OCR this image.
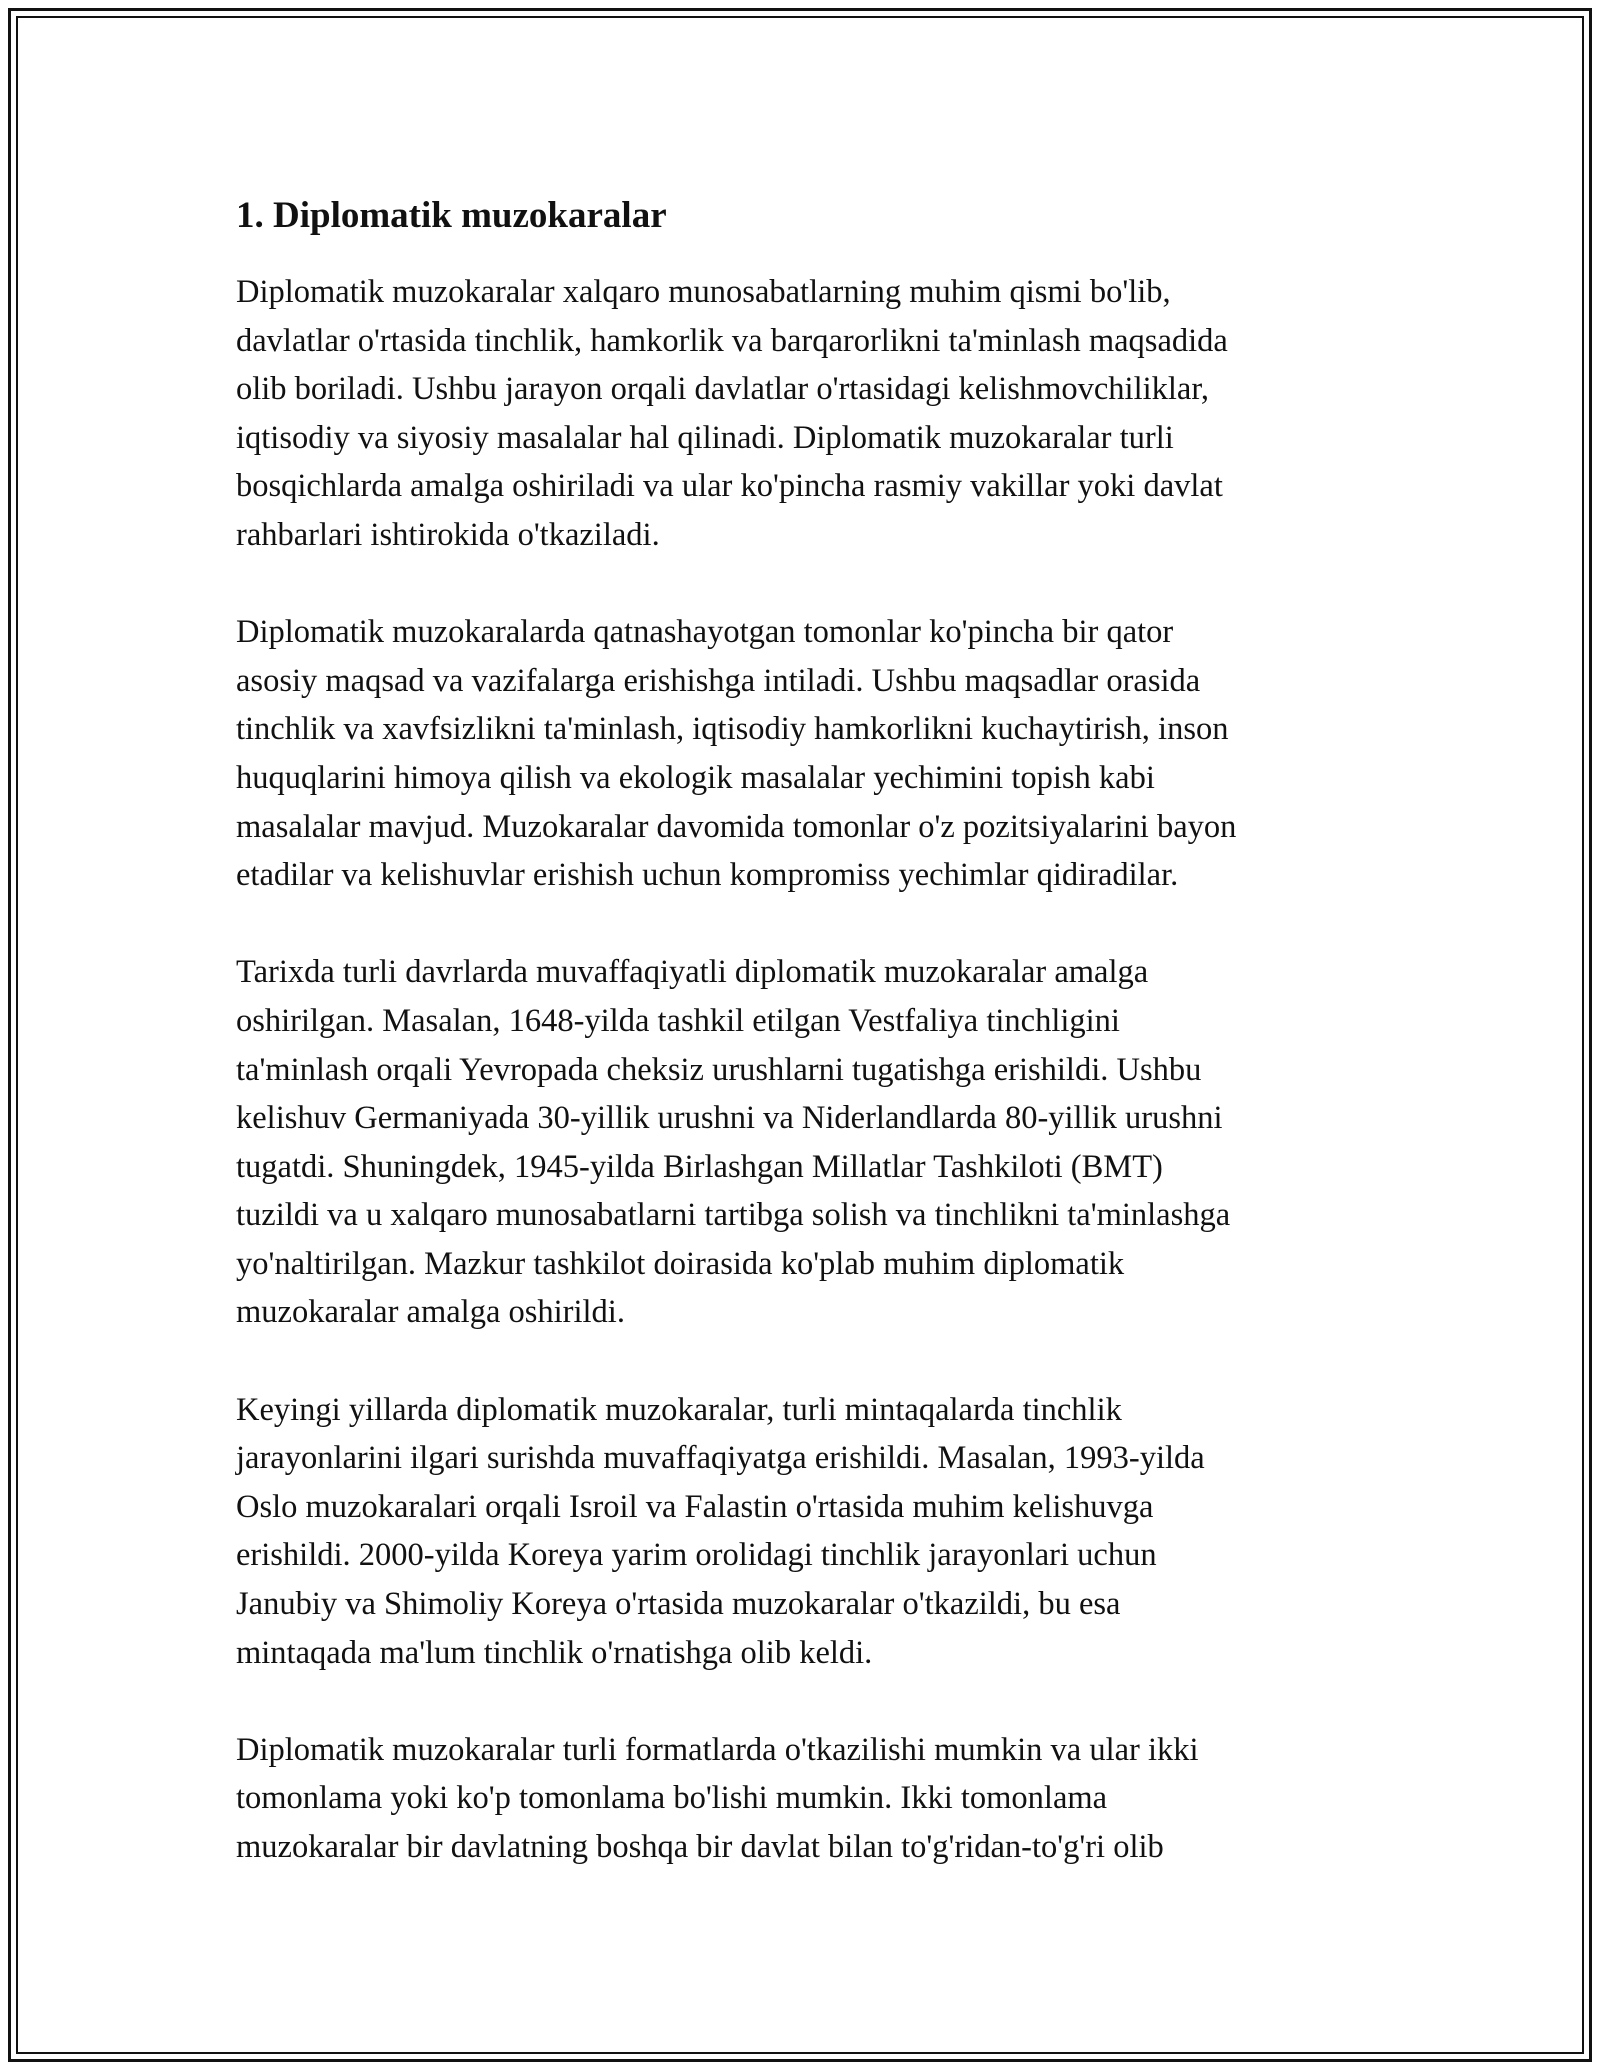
1. Diplomatik muzokaralar

Diplomatik muzokaralar xalqaro munosabatlarning muhim qismi bo'lib,
davlatlar o'rtasida tinchlik, hamkorlik va barqarorlikni ta'minlash maqsadida
olib boriladi. Ushbu jarayon orqali davlatlar o'rtasidagi kelishmovchiliklar,
iqtisodiy va siyosiy masalalar hal qilinadi. Diplomatik muzokaralar turli
bosqichlarda amalga oshiriladi va ular ko'pincha rasmiy vakillar yoki davlat
rahbarlari ishtirokida o'tkaziladi.

Diplomatik muzokaralarda qatnashayotgan tomonlar ko'pincha bir qator
asosiy maqsad va vazifalarga erishishga intiladi. Ushbu maqsadlar orasida
tinchlik va xavfsizlikni ta'minlash, iqtisodiy hamkorlikni kuchaytirish, inson
huquqlarini himoya qilish va ekologik masalalar yechimini topish kabi
masalalar mavjud. Muzokaralar davomida tomonlar o'z pozitsiyalarini bayon
etadilar va kelishuvlar erishish uchun kompromiss yechimlar qidiradilar.

Tarixda turli davrlarda muvaffaqiyatli diplomatik muzokaralar amalga
oshirilgan. Masalan, 1648-yilda tashkil etilgan Vestfaliya tinchligini
ta'minlash orqali Yevropada cheksiz urushlarni tugatishga erishildi. Ushbu
kelishuv Germaniyada 30-yillik urushni va Niderlandlarda 80-yillik urushni
tugatdi. Shuningdek, 1945-yilda Birlashgan Millatlar Tashkiloti (BMT)
tuzildi va u xalqaro munosabatlarni tartibga solish va tinchlikni ta'minlashga
yo'naltirilgan. Mazkur tashkilot doirasida ko'plab muhim diplomatik
muzokaralar amalga oshirildi.

Keyingi yillarda diplomatik muzokaralar, turli mintaqalarda tinchlik
jarayonlarini ilgari surishda muvaffaqiyatga erishildi. Masalan, 1993-yilda
Oslo muzokaralari orqali Isroil va Falastin o'rtasida muhim kelishuvga
erishildi. 2000-yilda Koreya yarim orolidagi tinchlik jarayonlari uchun
Janubiy va Shimoliy Koreya o'rtasida muzokaralar o'tkazildi, bu esa
mintaqada ma'lum tinchlik o'rnatishga olib keldi.

Diplomatik muzokaralar turli formatlarda o'tkazilishi mumkin va ular ikki
tomonlama yoki ko'p tomonlama bo'lishi mumkin. Ikki tomonlama
muzokaralar bir davlatning boshqa bir davlat bilan to'g'ridan-to'g'ri olib
